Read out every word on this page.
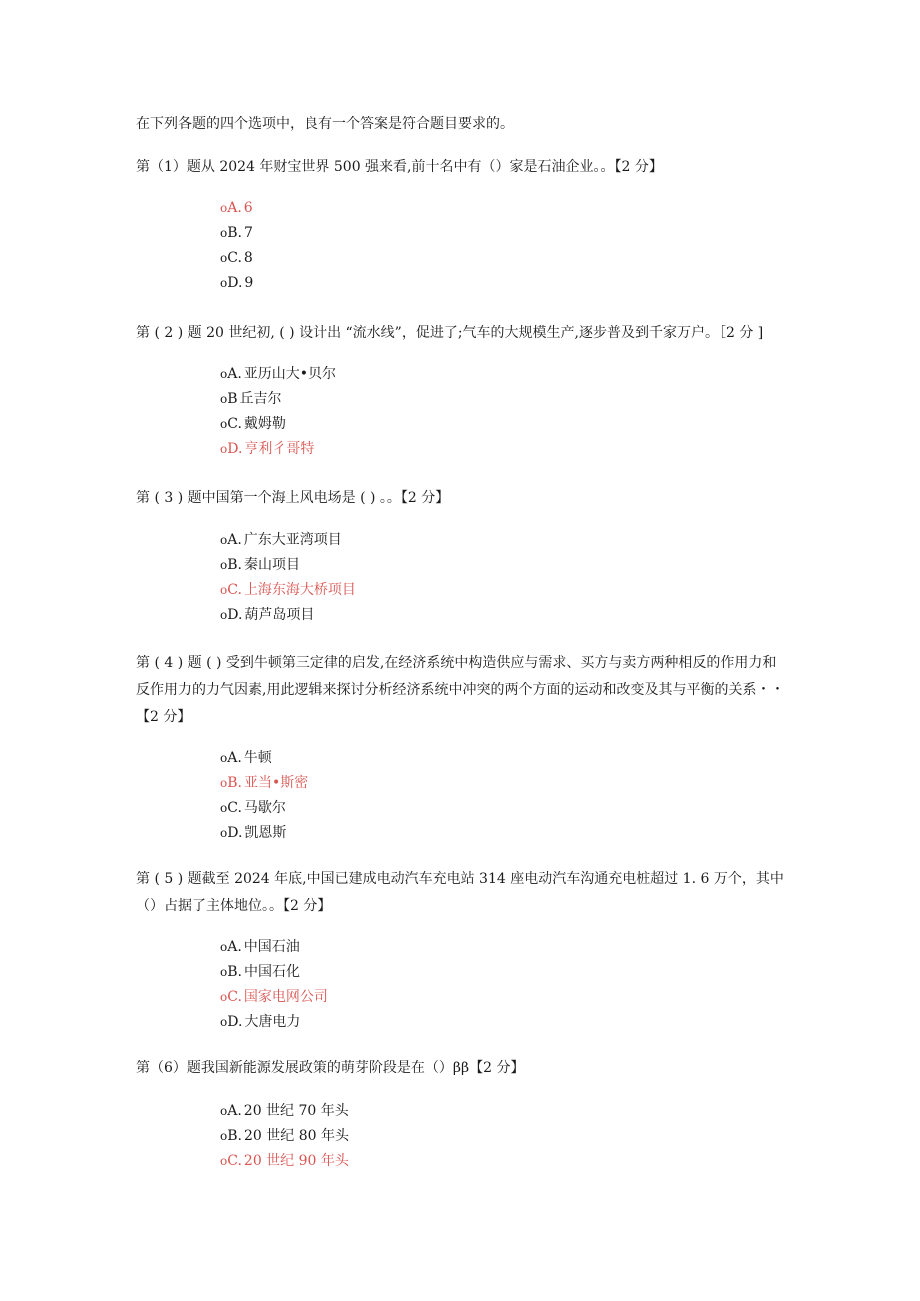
在下列各题的四个选项中，良有一个答案是符合题目要求的。

第（1）题从 2024 年财宝世界 500 强来看,前十名中有（）家是石油企业。。【2 分】

oA. 6
oB. 7
oC. 8
oD. 9

第 ( 2 ) 题 20 世纪初, ( ) 设计出 “流水线”，促进了;气车的大规模生产,逐步普及到千家万户。［2 分 ]

oA. 亚历山大•贝尔
oB 丘吉尔
oC. 戴姆勒
oD. 亨利彳哥特

第 ( 3 ) 题中国第一个海上风电场是 ( ) 。。【2 分】

oA. 广东大亚湾项目
oB. 秦山项目
oC. 上海东海大桥项目
oD. 葫芦岛项目

第 ( 4 ) 题 ( ) 受到牛顿第三定律的启发,在经济系统中构造供应与需求、买方与卖方两种相反的作用力和反作用力的力气因素,用此逻辑来探讨分析经济系统中冲突的两个方面的运动和改变及其与平衡的关系・・【2 分】

oA. 牛顿
oB. 亚当•斯密
oC. 马歇尔
oD. 凯恩斯

第 ( 5 ) 题截至 2024 年底,中国已建成电动汽车充电站 314 座电动汽车沟通充电桩超过 1. 6 万个，其中（）占据了主体地位。。【2 分】

oA. 中国石油
oB. 中国石化
oC. 国家电网公司
oD. 大唐电力

第（6）题我国新能源发展政策的萌芽阶段是在（）ββ【2 分】

oA. 20 世纪 70 年头
oB. 20 世纪 80 年头
oC. 20 世纪 90 年头
